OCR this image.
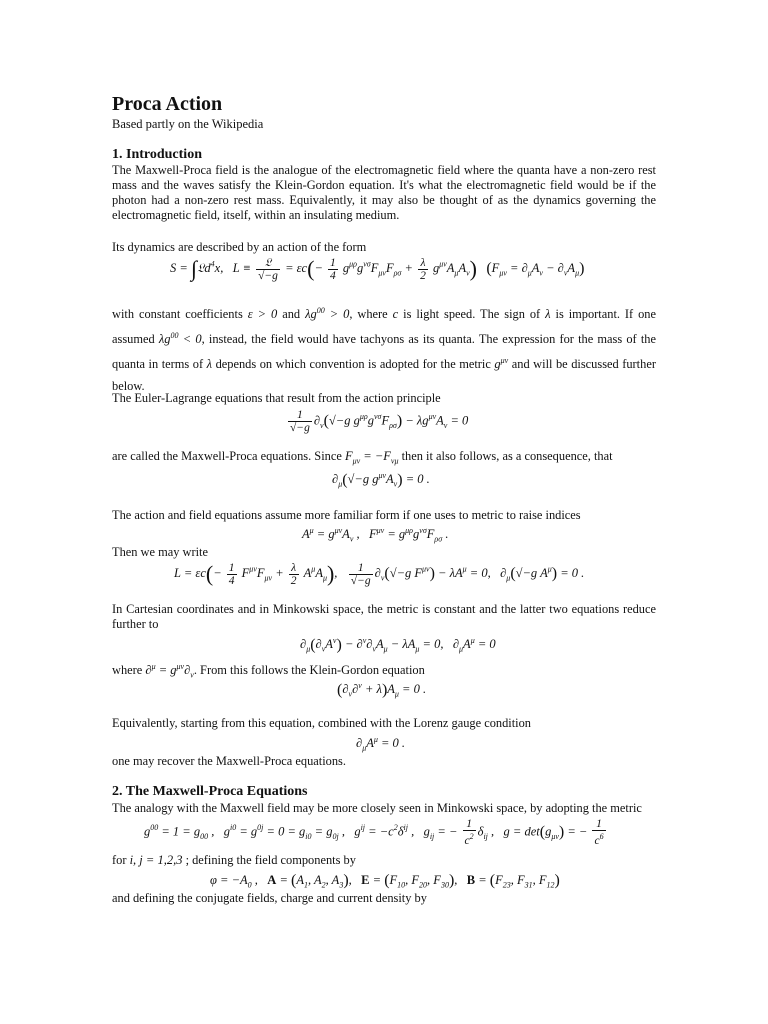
Proca Action
Based partly on the Wikipedia
1. Introduction
The Maxwell-Proca field is the analogue of the electromagnetic field where the quanta have a non-zero rest mass and the waves satisfy the Klein-Gordon equation. It's what the electromagnetic field would be if the photon had a non-zero rest mass. Equivalently, it may also be thought of as the dynamics governing the electromagnetic field, itself, within an insulating medium.
Its dynamics are described by an action of the form
S = ∫𝔏d$^4$x,   $L \equiv \frac{\text{𝔏}}{√-g} = \varepsilon c(- \frac{1}{4} g^{\mu\rho}g^{\nu\sigma}F_{\mu\nu}F_{\rho\sigma} + \frac{\lambda}{2} g^{\mu\nu}A_\mu A_\nu) (F_{\mu\nu} = \partial_\mu A_\nu - \partial_\nu A_\mu)$
with constant coefficients ε > 0 and $\lambda g^{00} > 0$, where c is light speed. The sign of λ is important. If one assumed $\lambda g^{00} < 0$, instead, the field would have tachyons as its quanta. The expression for the mass of the quanta in terms of λ depends on which convention is adopted for the metric $g^{\mu\nu}$ and will be discussed further below.
The Euler-Lagrange equations that result from the action principle
$\frac{1}{√-g} \partial_\nu(√-g$ $g^{\mu\rho}g^{\nu\sigma}F_{\rho\sigma}) - \lambda g^{\mu\nu}A_\nu = 0$
are called the Maxwell-Proca equations. Since $F_{\mu\nu} = -F_{\nu\mu}$ then it also follows, as a consequence, that
$\partial_\mu(√-g$ $g^{\mu\nu}A_\nu) = 0$ .
The action and field equations assume more familiar form if one uses to metric to raise indices
$A^\mu = g^{\mu\nu}A_\nu$ ,   $F^{\mu\nu} = g^{\mu\rho}g^{\nu\sigma}F_{\rho\sigma}$ .
Then we may write
$L = \varepsilon c(- \frac{1}{4} F^{\mu\nu}F_{\mu\nu} + \frac{\lambda}{2} A^\mu A_\mu)$, $\frac{1}{√-g} \partial_\nu(√-g$ $F^{\mu\nu}) - \lambda A^\mu = 0$,   $\partial_\mu(√-g$ $A^\mu) = 0$ .
In Cartesian coordinates and in Minkowski space, the metric is constant and the latter two equations reduce further to
$\partial_\mu(\partial_\nu A^\nu) - \partial^\nu\partial_\nu A_\mu - \lambda A_\mu = 0$,   $\partial_\mu A^\mu = 0$
where $\partial^\mu = g^{\mu\nu}\partial_\nu$. From this follows the Klein-Gordon equation
$(\partial_\nu\partial^\nu + \lambda)A_\mu = 0$ .
Equivalently, starting from this equation, combined with the Lorenz gauge condition
$\partial_\mu A^\mu = 0$ .
one may recover the Maxwell-Proca equations.
2. The Maxwell-Proca Equations
The analogy with the Maxwell field may be more closely seen in Minkowski space, by adopting the metric
$g^{00} = 1 = g_{00}$ ,   $g^{i0} = g^{0j} = 0 = g_{i0} = g_{0j}$ ,   $g^{ij} = -c^2\delta^{ij}$ ,   $g_{ij}$ = − $\frac{1}{c^2} \delta_{ij}$ ,   $g = \det(g_{\mu\nu})$ = − $\frac{1}{c^6}$
for i, j = 1,2,3 ; defining the field components by
$\varphi = -A_0$ ,   $A = (A_1$, $A_2$, $A_3$),   $E = (F_{10}$, $F_{20}$, $F_{30}$),   $B = (F_{23}$, $F_{31}$, $F_{12}$)
and defining the conjugate fields, charge and current density by
